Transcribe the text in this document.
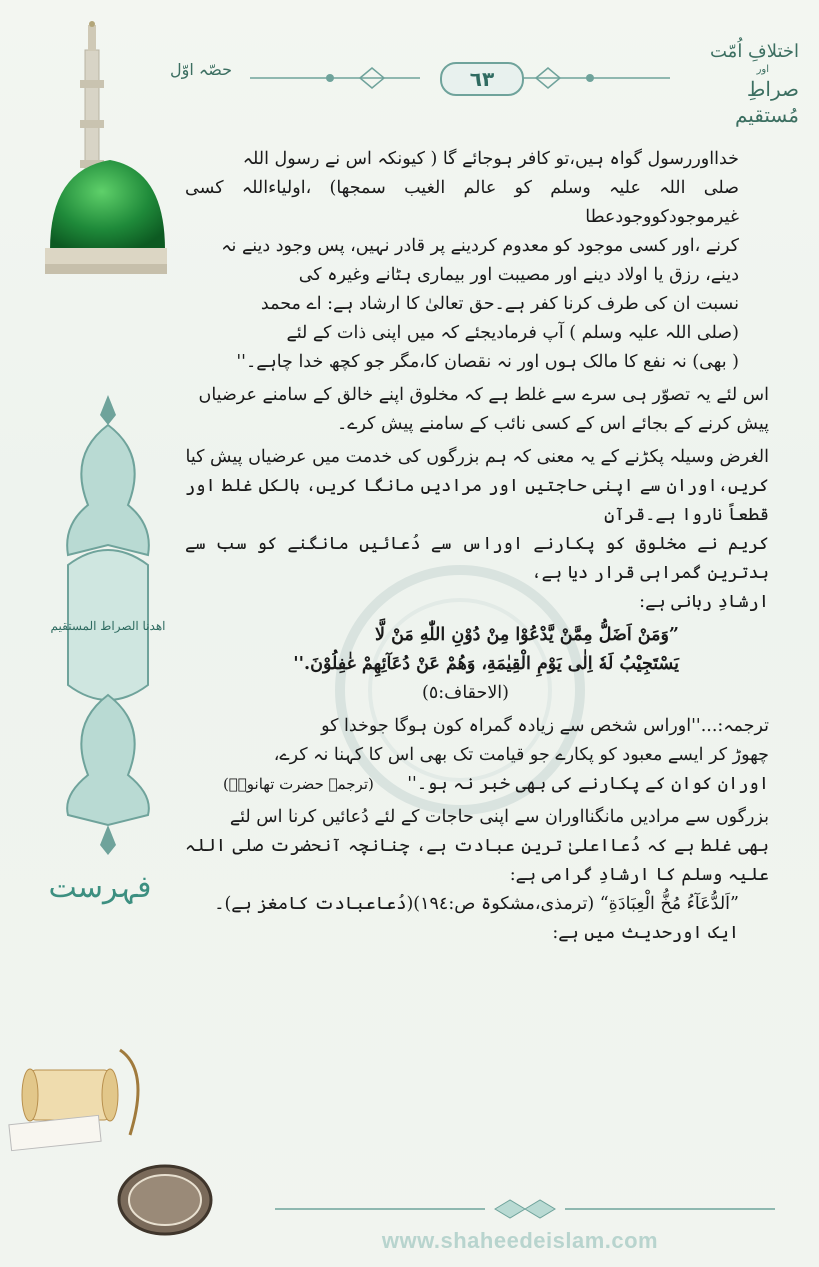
اختلافِ اُمّت
اور
صراطِ مُستقیم
٦٣
حصّہ اوّل
اھدنا الصراط المستقیم
فہرست

خدااوررسول گواہ ہیں،تو کافر ہوجائے گا ( کیونکہ اس نے رسول اللہ

صلی اللہ علیہ وسلم کو عالم الغیب سمجھا) ،اولیاءاللہ کسی غیرموجودکووجودعطا

کرنے ،اور کسی موجود کو معدوم کردینے پر قادر نہیں، پس وجود دینے نہ

دینے، رزق یا اولاد دینے اور مصیبت اور بیماری ہٹانے وغیرہ کی

نسبت ان کی طرف کرنا کفر ہے۔حق تعالیٰ کا ارشاد ہے: اے محمد

(صلی اللہ علیہ وسلم ) آپ فرمادیجئے کہ میں اپنی ذات کے لئے

( بھی) نہ نفع کا مالک ہوں اور نہ نقصان کا،مگر جو کچھ خدا چاہے۔''

اس لئے یہ تصوّر ہی سرے سے غلط ہے کہ مخلوق اپنے خالق کے سامنے عرضیاں

پیش کرنے کے بجائے اس کے کسی نائب کے سامنے پیش کرے۔

الغرض وسیلہ پکڑنے کے یہ معنی کہ ہم بزرگوں کی خدمت میں عرضیاں پیش کیا

کریں،اوران سے اپنی حاجتیں اور مرادیں مانگا کریں، بالکل غلط اور قطعاً ناروا ہے۔قرآنِ

کریم نے مخلوق کو پکارنے اوراس سے دُعائیں مانگنے کو سب سے بدترین گمراہی قرار دیا ہے،

ارشادِ ربانی ہے:

”وَمَنْ اَضَلُّ مِمَّنْ يَّدْعُوْا مِنْ دُوْنِ اللّٰهِ مَنْ لَّا

يَسْتَجِيْبُ لَهٗ اِلٰى يَوْمِ الْقِيٰمَةِ، وَهُمْ عَنْ دُعَآئِهِمْ غٰفِلُوْنَ.''

(الاحقاف:٥)

ترجمہ:...''اوراس شخص سے زیادہ گمراہ کون ہوگا جوخدا کو

چھوڑ کر ایسے معبود کو پکارے جو قیامت تک بھی اس کا کہنا نہ کرے،

اوران کوان کے پکارنے کی بھی خبر نہ ہو۔''      (ترجمہ حضرت تھانویؒ)

بزرگوں سے مرادیں مانگنااوران سے اپنی حاجات کے لئے دُعائیں کرنا اس لئے

بھی غلط ہے کہ دُعااعلیٰ ترین عبادت ہے، چنانچہ آنحضرت صلی اللہ علیہ وسلم کا ارشادِ گرامی ہے:

”اَلدُّعَآءُ مُخُّ الْعِبَادَةِ“ (ترمذی،مشکوۃ ص:١٩٤)(دُعاعبادت کامغز ہے)۔

ایک اورحدیث میں ہے:

www.shaheedeislam.com
